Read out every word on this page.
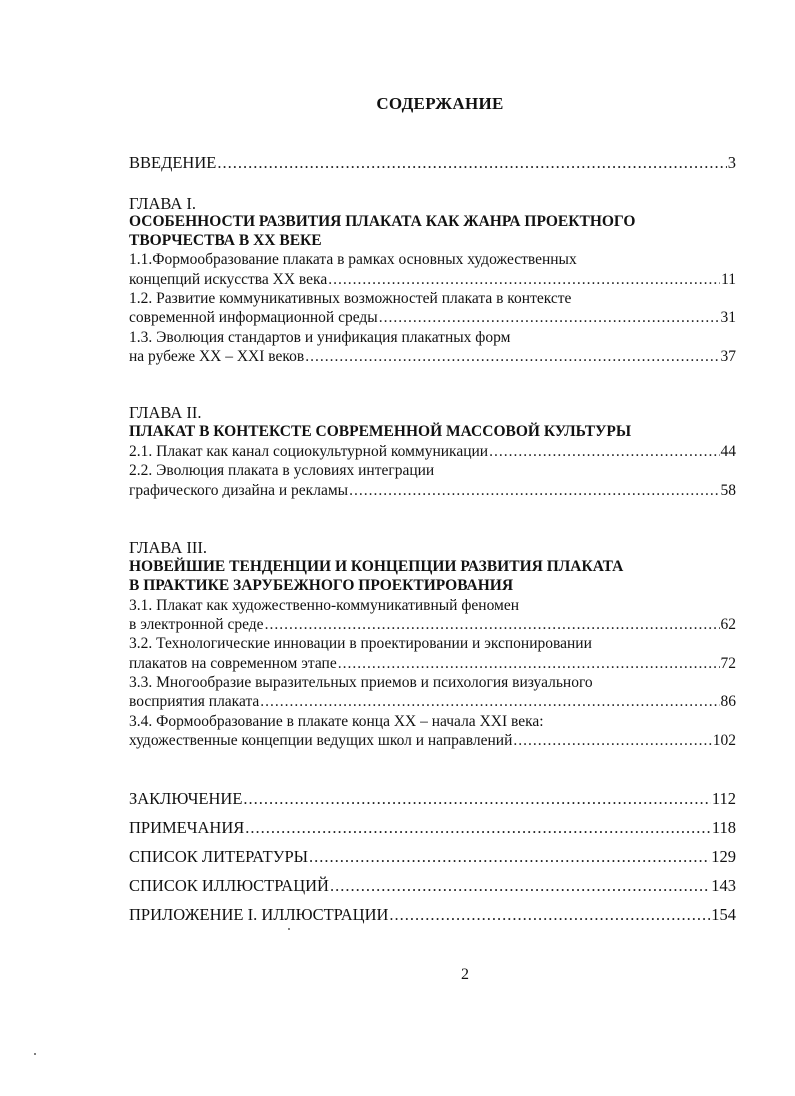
СОДЕРЖАНИЕ
ВВЕДЕНИЕ .....	3
ГЛАВА I.
ОСОБЕННОСТИ РАЗВИТИЯ ПЛАКАТА КАК ЖАНРА ПРОЕКТНОГО
ТВОРЧЕСТВА В XX ВЕКЕ
1.1.Формообразование плаката в рамках основных художественных
концепций искусства XX века .....	11
1.2. Развитие коммуникативных возможностей плаката в контексте
современной информационной среды .....	31
1.3. Эволюция стандартов и унификация плакатных форм
на рубеже XX – XXI веков .....	37
ГЛАВА II.
ПЛАКАТ В КОНТЕКСТЕ СОВРЕМЕННОЙ МАССОВОЙ КУЛЬТУРЫ
2.1. Плакат как канал социокультурной коммуникации .....	44
2.2. Эволюция плаката в условиях интеграции
графического дизайна и рекламы .....	58
ГЛАВА III.
НОВЕЙШИЕ ТЕНДЕНЦИИ И КОНЦЕПЦИИ РАЗВИТИЯ ПЛАКАТА
В ПРАКТИКЕ ЗАРУБЕЖНОГО ПРОЕКТИРОВАНИЯ
3.1. Плакат как художественно-коммуникативный феномен
в электронной среде .....	62
3.2. Технологические инновации в проектировании и экспонировании
плакатов на современном этапе .....	72
3.3. Многообразие выразительных приемов и психология визуального
восприятия плаката .....	86
3.4. Формообразование в плакате конца XX – начала XXI века:
художественные концепции ведущих школ и направлений .....	102
ЗАКЛЮЧЕНИЕ .....	112
ПРИМЕЧАНИЯ .....	118
СПИСОК ЛИТЕРАТУРЫ .....	129
СПИСОК ИЛЛЮСТРАЦИЙ .....	143
ПРИЛОЖЕНИЕ I. ИЛЛЮСТРАЦИИ .....	154
2
